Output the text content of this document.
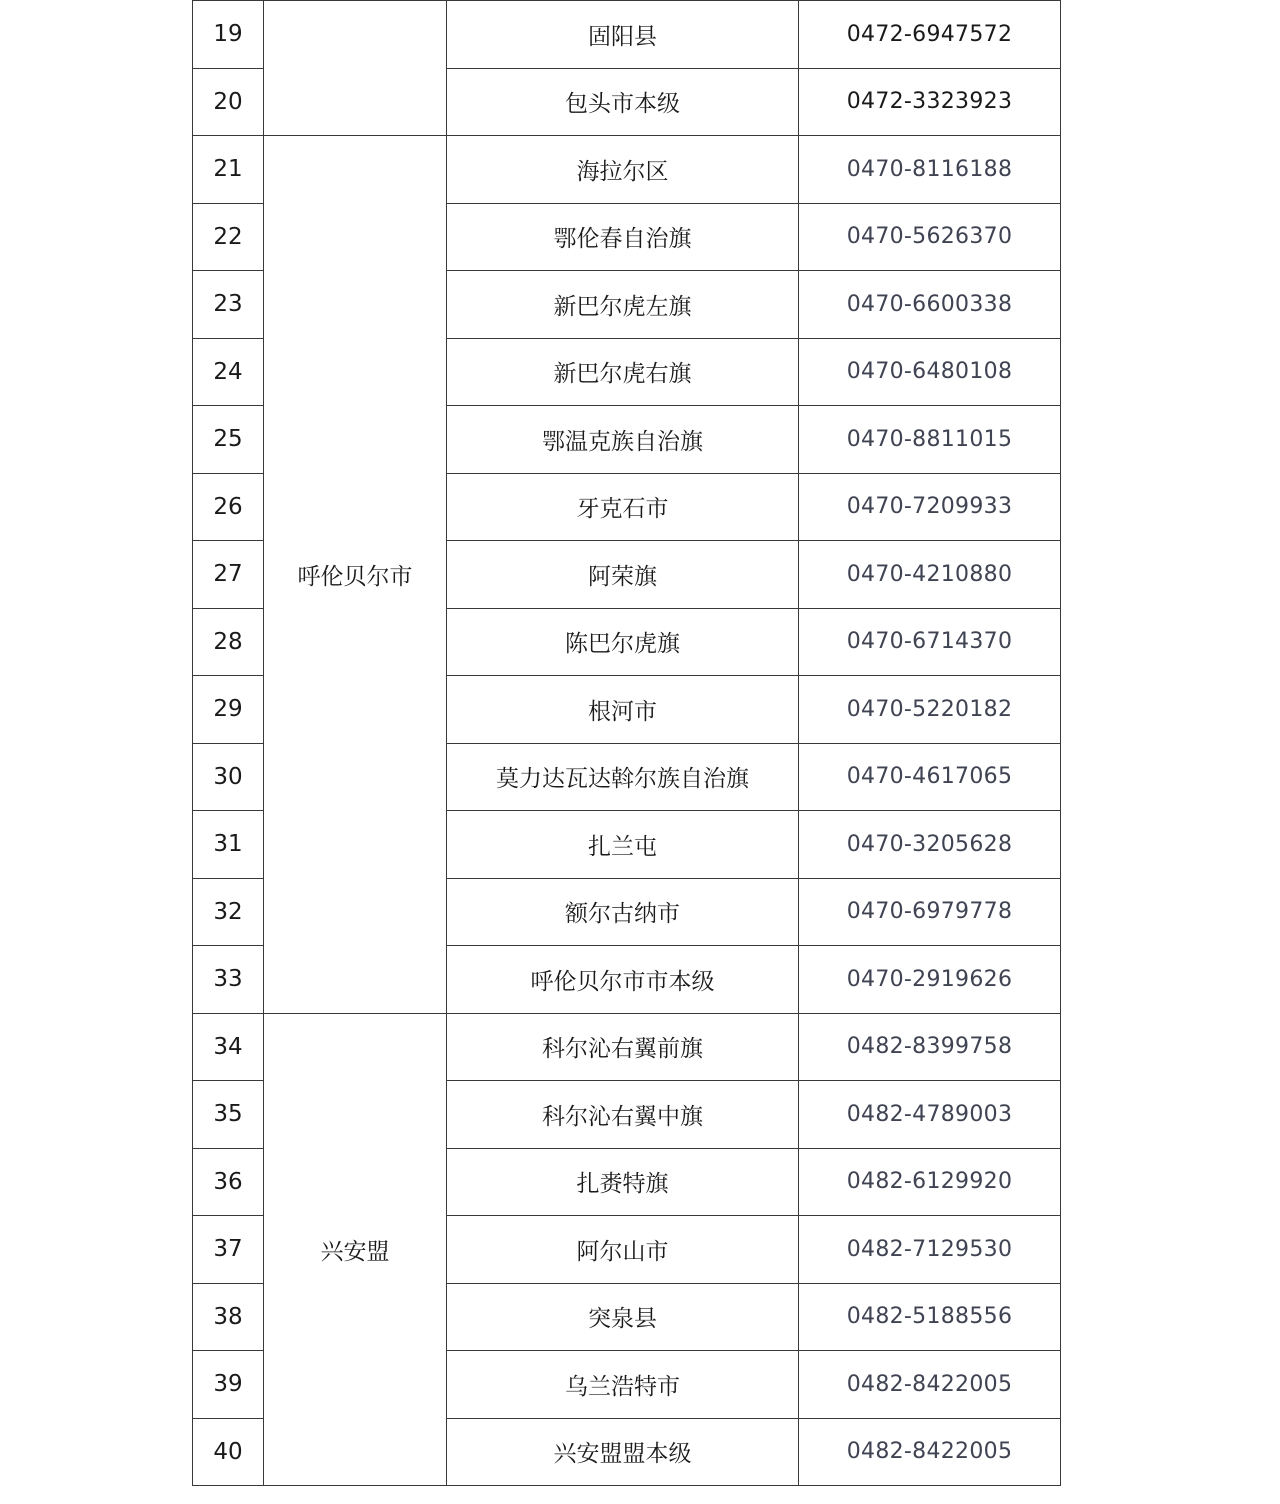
19		固阳县	0472-6947572
20		包头市本级	0472-3323923
21	呼伦贝尔市	海拉尔区	0470-8116188
22		鄂伦春自治旗	0470-5626370
23		新巴尔虎左旗	0470-6600338
24		新巴尔虎右旗	0470-6480108
25		鄂温克族自治旗	0470-8811015
26		牙克石市	0470-7209933
27		阿荣旗	0470-4210880
28		陈巴尔虎旗	0470-6714370
29		根河市	0470-5220182
30		莫力达瓦达斡尔族自治旗	0470-4617065
31		扎兰屯	0470-3205628
32		额尔古纳市	0470-6979778
33		呼伦贝尔市市本级	0470-2919626
34	兴安盟	科尔沁右翼前旗	0482-8399758
35		科尔沁右翼中旗	0482-4789003
36		扎赉特旗	0482-6129920
37		阿尔山市	0482-7129530
38		突泉县	0482-5188556
39		乌兰浩特市	0482-8422005
40		兴安盟盟本级	0482-8422005
